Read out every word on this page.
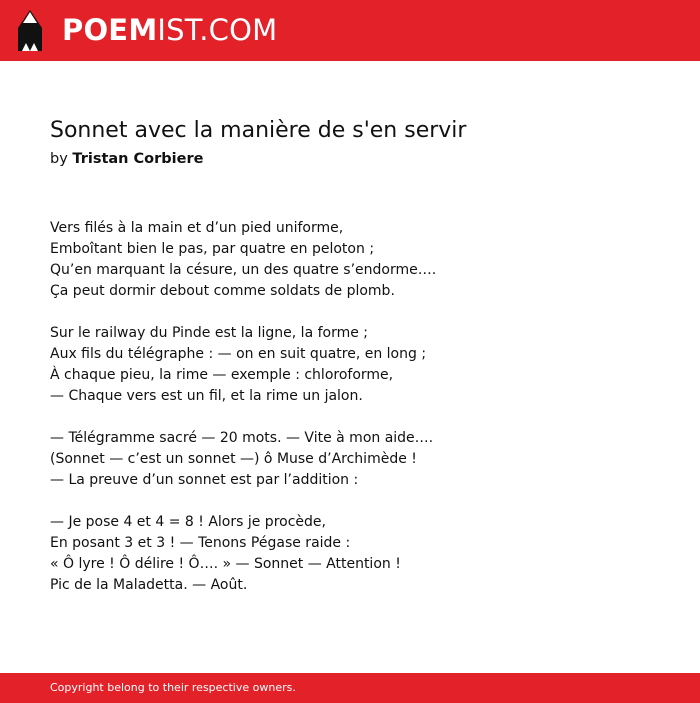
POEMIST.COM
Sonnet avec la manière de s'en servir
by Tristan Corbiere
Vers filés à la main et d’un pied uniforme,
Emboîtant bien le pas, par quatre en peloton ;
Qu’en marquant la césure, un des quatre s’endorme….
Ça peut dormir debout comme soldats de plomb.
Sur le railway du Pinde est la ligne, la forme ;
Aux fils du télégraphe : — on en suit quatre, en long ;
À chaque pieu, la rime — exemple : chloroforme,
— Chaque vers est un fil, et la rime un jalon.
— Télégramme sacré — 20 mots. — Vite à mon aide….
(Sonnet — c’est un sonnet —) ô Muse d’Archimède !
— La preuve d’un sonnet est par l’addition :
— Je pose 4 et 4 = 8 ! Alors je procède,
En posant 3 et 3 ! — Tenons Pégase raide :
« Ô lyre ! Ô délire ! Ô…. » — Sonnet — Attention !
Pic de la Maladetta. — Août.
Copyright belong to their respective owners.
